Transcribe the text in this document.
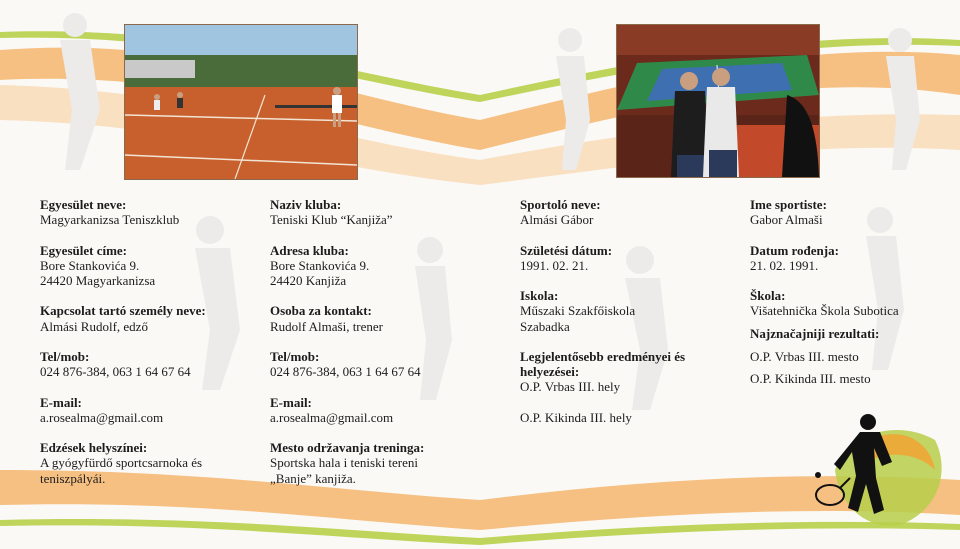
Egyesület neve:
Magyarkanizsa Teniszklub
Egyesület címe:
Bore Stankovića 9.
24420 Magyarkanizsa
Kapcsolat tartó személy neve:
Almási Rudolf, edző
Tel/mob:
024 876-384, 063 1 64 67 64
E-mail:
a.rosealma@gmail.com
Edzések helyszínei:
A gyógyfürdő sportcsarnoka és
teniszpályái.
Naziv kluba:
Teniski Klub “Kanjiža”
Adresa kluba:
Bore Stankovića 9.
24420 Kanjiža
Osoba za kontakt:
Rudolf Almaši, trener
Tel/mob:
024 876-384, 063 1 64 67 64
E-mail:
a.rosealma@gmail.com
Mesto održavanja treninga:
Sportska hala i teniski tereni
„Banje” kanjiža.
Sportoló neve:
Almási Gábor
Születési dátum:
1991. 02. 21.
Iskola:
Műszaki Szakfőiskola
Szabadka
Legjelentősebb eredményei és
helyezései:
O.P. Vrbas III. hely
O.P. Kikinda III. hely
Ime sportiste:
Gabor Almaši
Datum rođenja:
21. 02. 1991.
Škola:
Višatehnička Škola Subotica
Najznačajniji rezultati:
O.P. Vrbas III. mesto
O.P. Kikinda III. mesto
